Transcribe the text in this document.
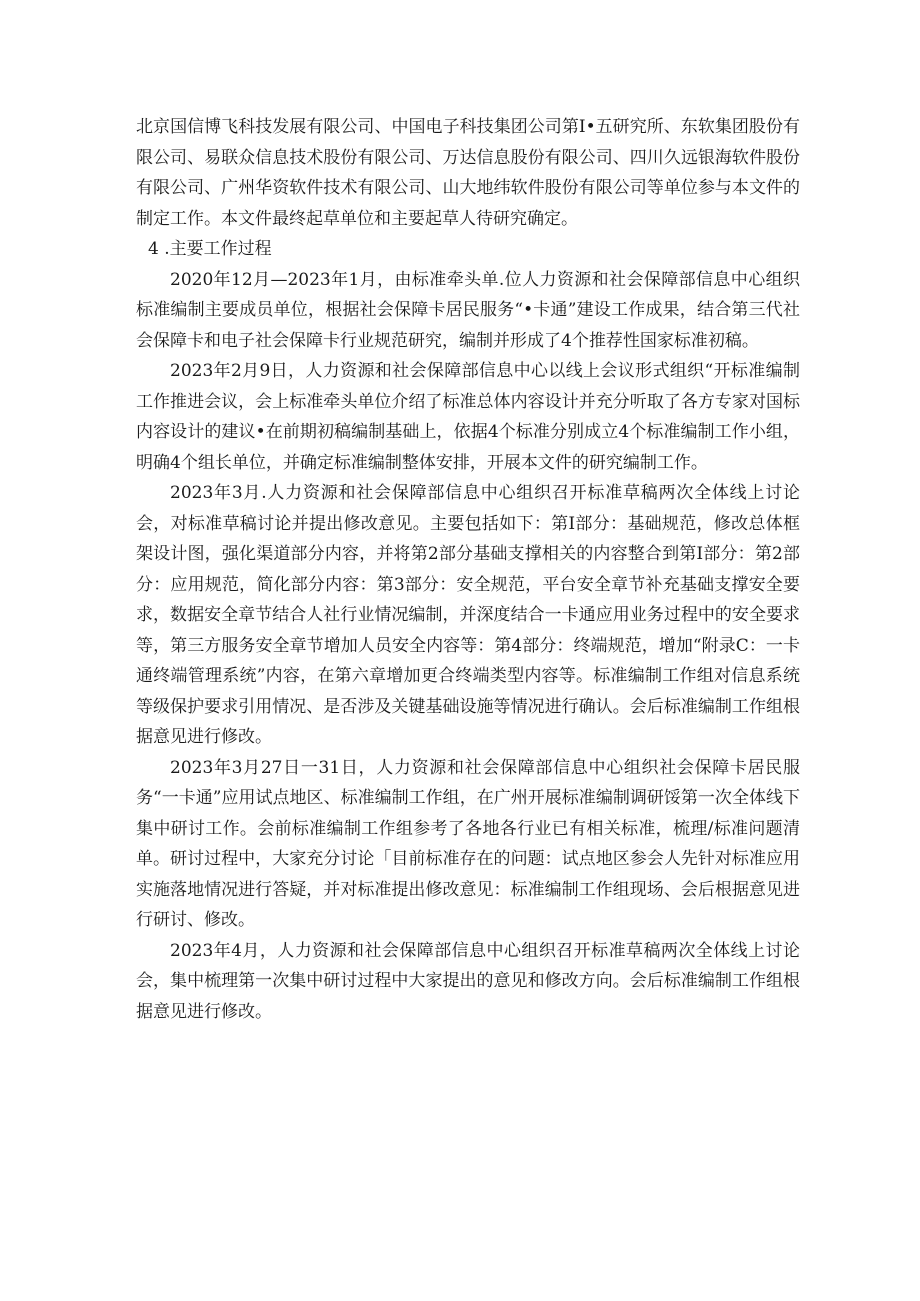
北京国信博飞科技发展有限公司、中国电子科技集团公司第I•五研究所、东软集团股份有限公司、易联众信息技术股份有限公司、万达信息股份有限公司、四川久远银海软件股份有限公司、广州华资软件技术有限公司、山大地纬软件股份有限公司等单位参与本文件的制定工作。本文件最终起草单位和主要起草人待研究确定。

4 .主要工作过程

2020年12月—2023年1月，由标准牵头单.位人力资源和社会保障部信息中心组织标准编制主要成员单位，根据社会保障卡居民服务“•卡通”建设工作成果，结合第三代社会保障卡和电子社会保障卡行业规范研究，编制并形成了4个推荐性国家标准初稿。

2023年2月9日，人力资源和社会保障部信息中心以线上会议形式组织“开标准编制工作推进会议，会上标准牵头单位介绍了标准总体内容设计并充分听取了各方专家对国标内容设计的建议•在前期初稿编制基础上，依据4个标准分别成立4个标准编制工作小组，明确4个组长单位，并确定标准编制整体安排，开展本文件的研究编制工作。

2023年3月.人力资源和社会保障部信息中心组织召开标准草稿两次全体线上讨论会，对标准草稿讨论并提出修改意见。主要包括如下：第I部分：基础规范，修改总体框架设计图，强化渠道部分内容，并将第2部分基础支撑相关的内容整合到第I部分：第2部分：应用规范，简化部分内容：第3部分：安全规范，平台安全章节补充基础支撑安全要求，数据安全章节结合人社行业情况编制，并深度结合一卡通应用业务过程中的安全要求等，第三方服务安全章节增加人员安全内容等：第4部分：终端规范，增加“附录C：一卡通终端管理系统”内容，在第六章增加更合终端类型内容等。标准编制工作组对信息系统等级保护要求引用情况、是否涉及关键基础设施等情况进行确认。会后标准编制工作组根据意见进行修改。

2023年3月27日一31日，人力资源和社会保障部信息中心组织社会保障卡居民服务“一卡通”应用试点地区、标准编制工作组，在广州开展标准编制调研馁第一次全体线下集中研讨工作。会前标准编制工作组参考了各地各行业已有相关标准，梳理/标准问题清单。研讨过程中，大家充分讨论「目前标准存在的问题：试点地区参会人先针对标准应用实施落地情况进行答疑，并对标准提出修改意见：标准编制工作组现场、会后根据意见进行研讨、修改。

2023年4月，人力资源和社会保障部信息中心组织召开标准草稿两次全体线上讨论会，集中梳理第一次集中研讨过程中大家提出的意见和修改方向。会后标准编制工作组根据意见进行修改。
